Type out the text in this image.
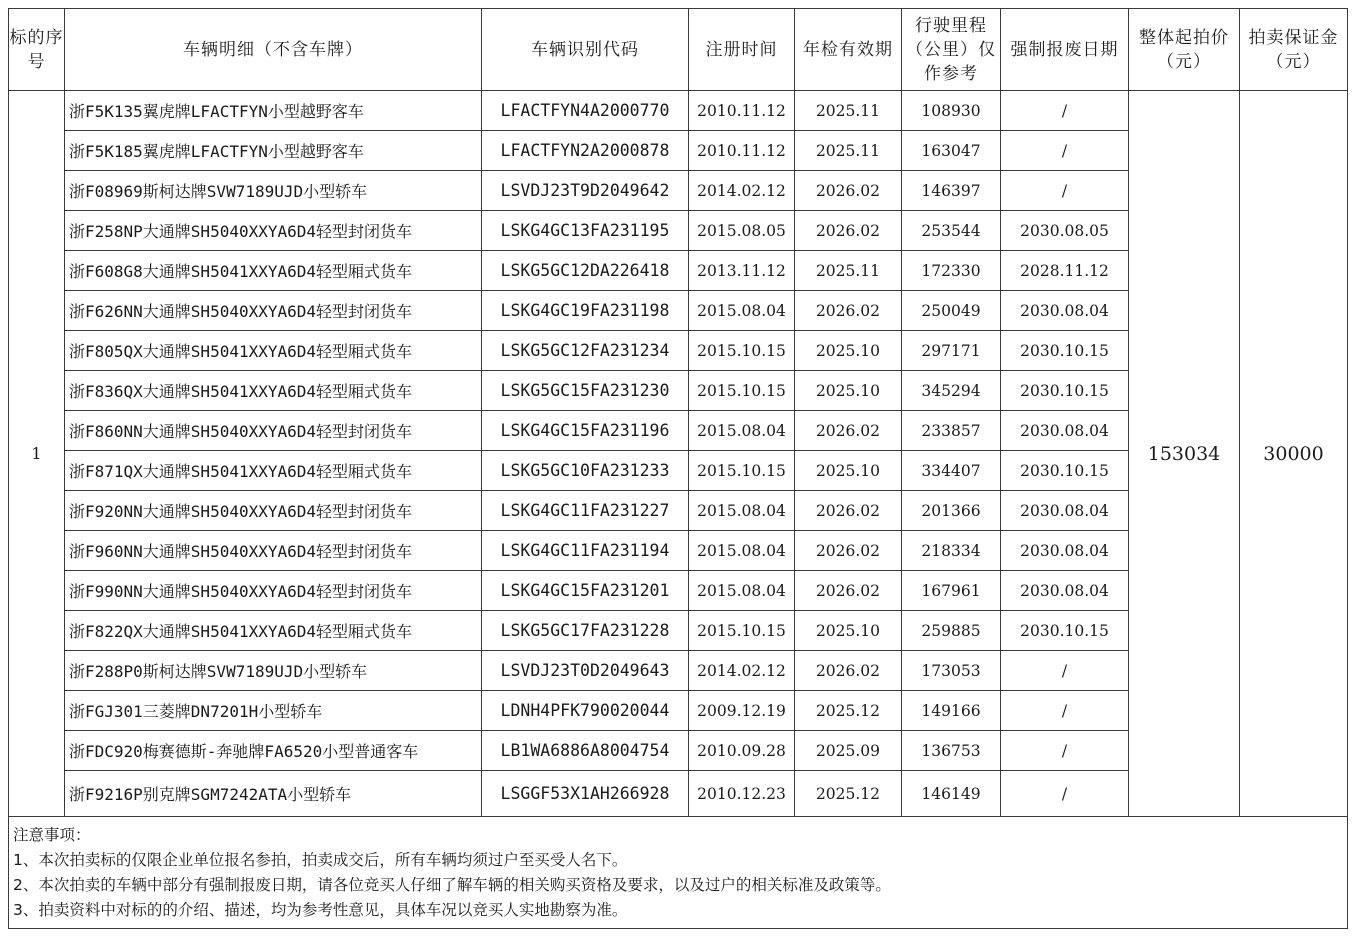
标的序号	车辆明细（不含车牌）	车辆识别代码	注册时间	年检有效期	行驶里程（公里）仅作参考	强制报废日期	整体起拍价（元）	拍卖保证金（元）
1	浙F5K135翼虎牌LFACTFYN小型越野客车	LFACTFYN4A2000770	2010.11.12	2025.11	108930	/	153034	30000
	浙F5K185翼虎牌LFACTFYN小型越野客车	LFACTFYN2A2000878	2010.11.12	2025.11	163047	/		
	浙F08969斯柯达牌SVW7189UJD小型轿车	LSVDJ23T9D2049642	2014.02.12	2026.02	146397	/		
	浙F258NP大通牌SH5040XXYA6D4轻型封闭货车	LSKG4GC13FA231195	2015.08.05	2026.02	253544	2030.08.05		
	浙F608G8大通牌SH5041XXYA6D4轻型厢式货车	LSKG5GC12DA226418	2013.11.12	2025.11	172330	2028.11.12		
	浙F626NN大通牌SH5040XXYA6D4轻型封闭货车	LSKG4GC19FA231198	2015.08.04	2026.02	250049	2030.08.04		
	浙F805QX大通牌SH5041XXYA6D4轻型厢式货车	LSKG5GC12FA231234	2015.10.15	2025.10	297171	2030.10.15		
	浙F836QX大通牌SH5041XXYA6D4轻型厢式货车	LSKG5GC15FA231230	2015.10.15	2025.10	345294	2030.10.15		
	浙F860NN大通牌SH5040XXYA6D4轻型封闭货车	LSKG4GC15FA231196	2015.08.04	2026.02	233857	2030.08.04		
	浙F871QX大通牌SH5041XXYA6D4轻型厢式货车	LSKG5GC10FA231233	2015.10.15	2025.10	334407	2030.10.15		
	浙F920NN大通牌SH5040XXYA6D4轻型封闭货车	LSKG4GC11FA231227	2015.08.04	2026.02	201366	2030.08.04		
	浙F960NN大通牌SH5040XXYA6D4轻型封闭货车	LSKG4GC11FA231194	2015.08.04	2026.02	218334	2030.08.04		
	浙F990NN大通牌SH5040XXYA6D4轻型封闭货车	LSKG4GC15FA231201	2015.08.04	2026.02	167961	2030.08.04		
	浙F822QX大通牌SH5041XXYA6D4轻型厢式货车	LSKG5GC17FA231228	2015.10.15	2025.10	259885	2030.10.15		
	浙F288P0斯柯达牌SVW7189UJD小型轿车	LSVDJ23T0D2049643	2014.02.12	2026.02	173053	/		
	浙FGJ301三菱牌DN7201H小型轿车	LDNH4PFK790020044	2009.12.19	2025.12	149166	/		
	浙FDC920梅赛德斯-奔驰牌FA6520小型普通客车	LB1WA6886A8004754	2010.09.28	2025.09	136753	/		
	浙F9216P别克牌SGM7242ATA小型轿车	LSGGF53X1AH266928	2010.12.23	2025.12	146149	/		

注意事项：
1、本次拍卖标的仅限企业单位报名参拍，拍卖成交后，所有车辆均须过户至买受人名下。
2、本次拍卖的车辆中部分有强制报废日期，请各位竞买人仔细了解车辆的相关购买资格及要求，以及过户的相关标准及政策等。
3、拍卖资料中对标的的介绍、描述，均为参考性意见，具体车况以竞买人实地勘察为准。								
